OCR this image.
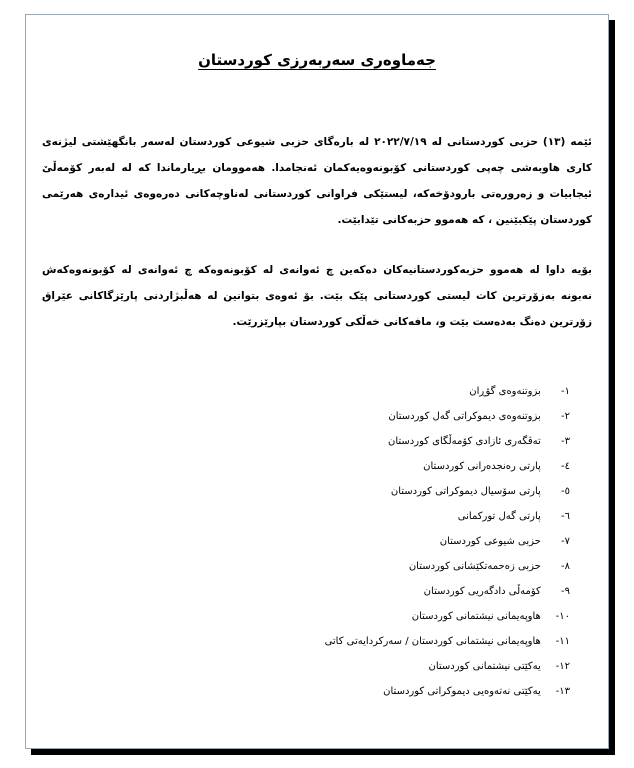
جەماوەری سەربەرزی کوردستان
ئێمە (١٣) حزبی کوردستانی لە ٢٠٢٢/٧/١٩ لە بارەگای حزبی شیوعی کوردستان لەسەر بانگهێشتی لیژنەی کاری هاوبەشی چەپی کوردستانی کۆبونەوەیەکمان ئەنجامدا. هەموومان بڕیارماندا کە لە لەبەر کۆمەڵێ ئیجابیات و زەرورەتی بارودۆخەکە، لیستێکی فراوانی کوردستانی لەناوچەکانی دەرەوەی ئیدارەی هەرێمی کوردستان پێکبێنین ، کە هەموو حزبەکانی تێدابێت.
بۆیە داوا لە هەموو حزبەکوردستانیەکان دەکەین چ ئەوانەی لە کۆبونەوەکە چ ئەوانەی لە کۆبونەوەکەش نەبونە بەزۆرترین کات لیستی کوردستانی پێک بێت. بۆ ئەوەی بتوانین لە هەڵبژاردنی پارێزگاکانی عێراق زۆرترین دەنگ بەدەست بێت و، مافەکانی خەڵکی کوردستان بپارێزرێت.
١- بزوتنەوەی گۆڕان
٢- بزوتنەوەی دیموکراتی گەل کوردستان
٣- تەڤگەری ئازادی کۆمەڵگای کوردستان
٤- پارتی رەنجدەرانی کوردستان
٥- پارتی سۆسیال دیموکراتی کوردستان
٦- پارتی گەل تورکمانی
٧- حزبی شیوعی کوردستان
٨- حزبی زەحمەتکێشانی کوردستان
٩- کۆمەڵی دادگەریی کوردستان
١٠- هاوپەیمانی نیشتمانی کوردستان
١١- هاوپەیمانی نیشتمانی کوردستان / سەرکردایەتی کاتی
١٢- یەکێتی نیشتمانی کوردستان
١٣- یەکێتی نەتەوەیی دیموکراتی کوردستان
